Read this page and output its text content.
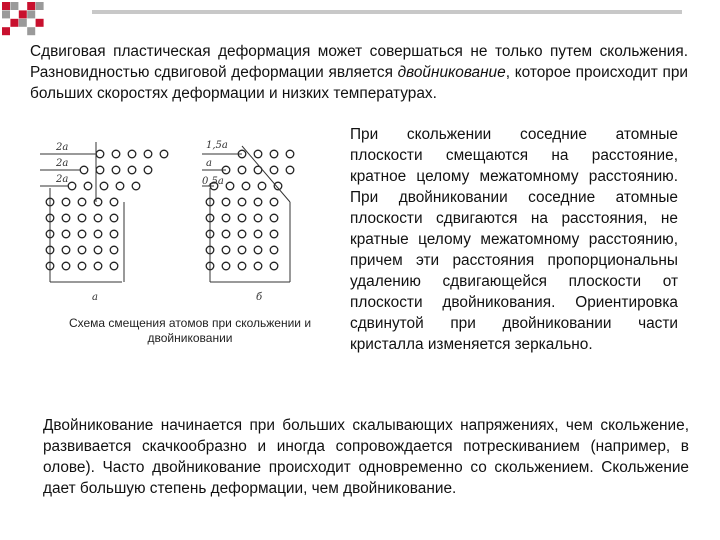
Сдвиговая пластическая деформация может совершаться не только путем скольжения. Разновидностью сдвиговой деформации является двойникование, которое происходит при больших скоростях деформации и низких температурах.

2a
2a
2a
1,5a
a
0,5a
a	б
Схема смещения атомов при скольжении и двойниковании

При скольжении соседние атомные плоскости смещаются на расстояние, кратное целому межатомному расстоянию. При двойниковании соседние атомные плоскости сдвигаются на расстояния, не кратные целому межатомному расстоянию, причем эти расстояния пропорциональны удалению сдвигающейся плоскости от плоскости двойникования. Ориентировка сдвинутой при двойниковании части кристалла изменяется зеркально.

Двойникование начинается при больших скалывающих напряжениях, чем скольжение, развивается скачкообразно и иногда сопровождается потрескиванием (например, в олове). Часто двойникование происходит одновременно со скольжением. Скольжение дает большую степень деформации, чем двойникование.
